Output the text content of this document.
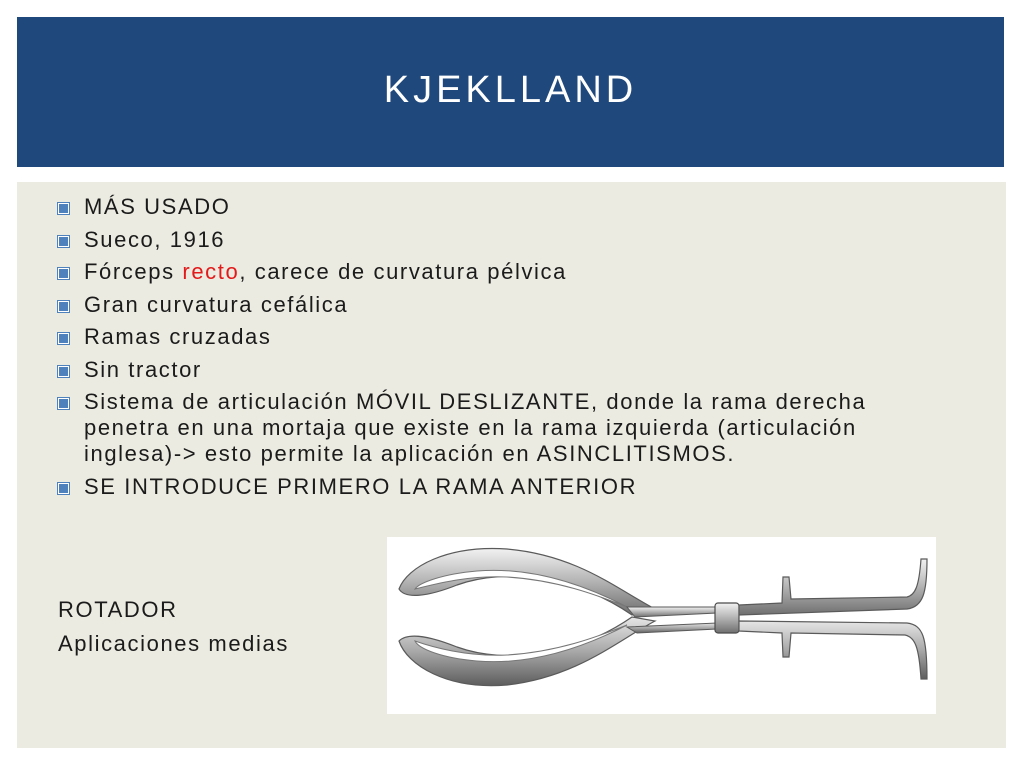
KJEKLLAND
MÁS USADO
Sueco, 1916
Fórceps recto, carece de curvatura pélvica
Gran curvatura cefálica
Ramas cruzadas
Sin tractor
Sistema de articulación MÓVIL DESLIZANTE, donde la rama derecha penetra en una mortaja que existe en la rama izquierda (articulación inglesa)-> esto permite la aplicación en ASINCLITISMOS.
SE INTRODUCE PRIMERO LA RAMA ANTERIOR
ROTADOR
Aplicaciones medias
